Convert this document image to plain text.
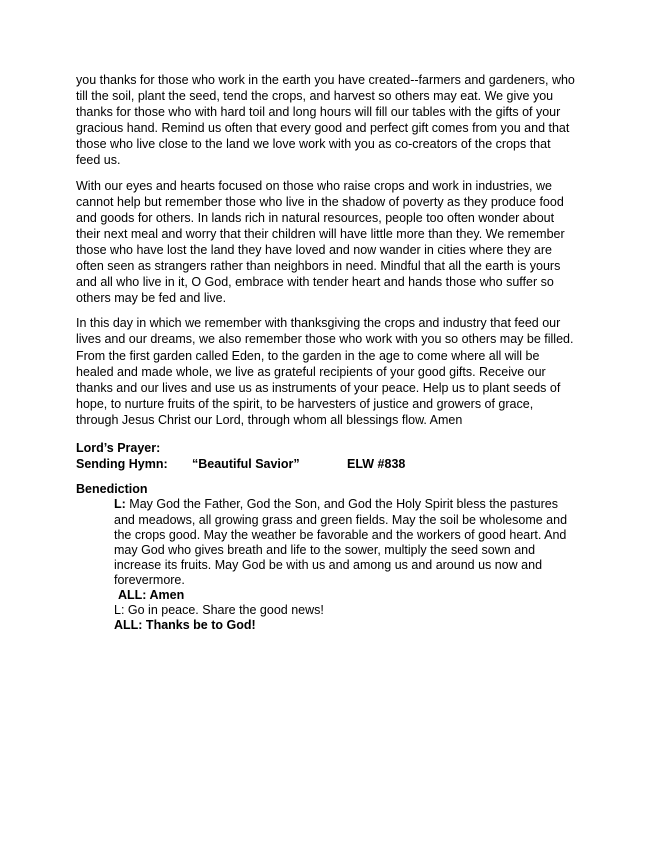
you thanks for those who work in the earth you have created--farmers and gardeners, who till the soil, plant the seed, tend the crops, and harvest so others may eat. We give you thanks for those who with hard toil and long hours will fill our tables with the gifts of your gracious hand. Remind us often that every good and perfect gift comes from you and that those who live close to the land we love work with you as co-creators of the crops that feed us.

With our eyes and hearts focused on those who raise crops and work in industries, we cannot help but remember those who live in the shadow of poverty as they produce food and goods for others. In lands rich in natural resources, people too often wonder about their next meal and worry that their children will have little more than they. We remember those who have lost the land they have loved and now wander in cities where they are often seen as strangers rather than neighbors in need. Mindful that all the earth is yours and all who live in it, O God, embrace with tender heart and hands those who suffer so others may be fed and live.

In this day in which we remember with thanksgiving the crops and industry that feed our lives and our dreams, we also remember those who work with you so others may be filled. From the first garden called Eden, to the garden in the age to come where all will be healed and made whole, we live as grateful recipients of your good gifts. Receive our thanks and our lives and use us as instruments of your peace. Help us to plant seeds of hope, to nurture fruits of the spirit, to be harvesters of justice and growers of grace, through Jesus Christ our Lord, through whom all blessings flow. Amen

Lord’s Prayer:
Sending Hymn:	“Beautiful Savior”	ELW #838
Benediction

L: May God the Father, God the Son, and God the Holy Spirit bless the pastures and meadows, all growing grass and green fields. May the soil be wholesome and the crops good. May the weather be favorable and the workers of good heart. And may God who gives breath and life to the sower, multiply the seed sown and increase its fruits. May God be with us and among us and around us now and forevermore.

ALL: Amen

L: Go in peace. Share the good news!

ALL: Thanks be to God!
